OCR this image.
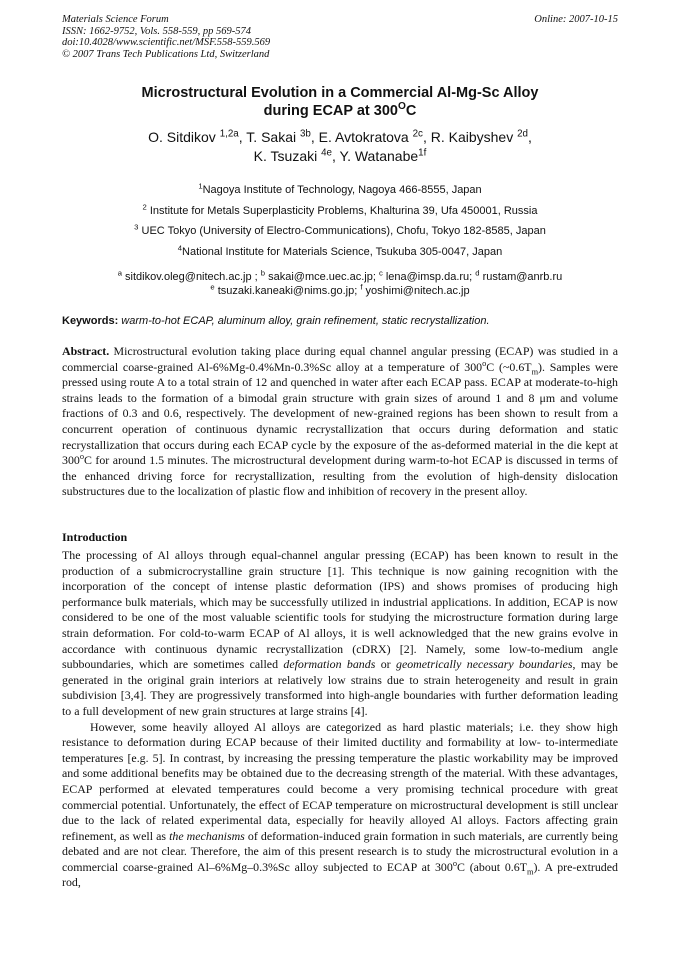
Materials Science Forum
ISSN: 1662-9752, Vols. 558-559, pp 569-574
doi:10.4028/www.scientific.net/MSF.558-559.569
© 2007 Trans Tech Publications Ltd, Switzerland
Online: 2007-10-15
Microstructural Evolution in a Commercial Al-Mg-Sc Alloy
during ECAP at $300^OC$
O. Sitdikov $^{1,2a}$, T. Sakai $^{3b}$, E. Avtokratova $^{2c}$, R. Kaibyshev $^{2d}$,
K. Tsuzaki $^{4e}$, Y. Watanabe$^{1f}$
$^1$Nagoya Institute of Technology, Nagoya 466-8555, Japan
$^2$ Institute for Metals Superplasticity Problems, Khalturina 39, Ufa 450001, Russia
$^3$ UEC Tokyo (University of Electro-Communications), Chofu, Tokyo 182-8585, Japan
$^4$National Institute for Materials Science, Tsukuba 305-0047, Japan
$^a$ sitdikov.oleg@nitech.ac.jp ; $^b$ sakai@mce.uec.ac.jp; $^c$ lena@imsp.da.ru; $^d$ rustam@anrb.ru
$^e$ tsuzaki.kaneaki@nims.go.jp; $^f$ yoshimi@nitech.ac.jp
Keywords: warm-to-hot ECAP, aluminum alloy, grain refinement, static recrystallization.

Abstract. Microstructural evolution taking place during equal channel angular pressing (ECAP) was studied in a commercial coarse-grained Al-6%Mg-0.4%Mn-0.3%Sc alloy at a temperature of 300$^o$C $(\sim 0.6T_m)$. Samples were pressed using route A to a total strain of 12 and quenched in water after each ECAP pass. ECAP at moderate-to-high strains leads to the formation of a bimodal grain structure with grain sizes of around 1 and 8 μm and volume fractions of 0.3 and 0.6, respectively. The development of new-grained regions has been shown to result from a concurrent operation of continuous dynamic recrystallization that occurs during deformation and static recrystallization that occurs during each ECAP cycle by the exposure of the as-deformed material in the die kept at 300$^o$C for around 1.5 minutes. The microstructural development during warm-to-hot ECAP is discussed in terms of the enhanced driving force for recrystallization, resulting from the evolution of high-density dislocation substructures due to the localization of plastic flow and inhibition of recovery in the present alloy.

Introduction

The processing of Al alloys through equal-channel angular pressing (ECAP) has been known to result in the production of a submicrocrystalline grain structure [1]. This technique is now gaining recognition with the incorporation of the concept of intense plastic deformation (IPS) and shows promises of producing high performance bulk materials, which may be successfully utilized in industrial applications. In addition, ECAP is now considered to be one of the most valuable scientific tools for studying the microstructure formation during large strain deformation. For cold-to-warm ECAP of Al alloys, it is well acknowledged that the new grains evolve in accordance with continuous dynamic recrystallization (cDRX) [2]. Namely, some low-to-medium angle subboundaries, which are sometimes called deformation bands or geometrically necessary boundaries, may be generated in the original grain interiors at relatively low strains due to strain heterogeneity and result in grain subdivision [3,4]. They are progressively transformed into high-angle boundaries with further deformation leading to a full development of new grain structures at large strains [4].

However, some heavily alloyed Al alloys are categorized as hard plastic materials; i.e. they show high resistance to deformation during ECAP because of their limited ductility and formability at low- to-intermediate temperatures [e.g. 5]. In contrast, by increasing the pressing temperature the plastic workability may be improved and some additional benefits may be obtained due to the decreasing strength of the material. With these advantages, ECAP performed at elevated temperatures could become a very promising technical procedure with great commercial potential. Unfortunately, the effect of ECAP temperature on microstructural development is still unclear due to the lack of related experimental data, especially for heavily alloyed Al alloys. Factors affecting grain refinement, as well as the mechanisms of deformation-induced grain formation in such materials, are currently being debated and are not clear. Therefore, the aim of this present research is to study the microstructural evolution in a commercial coarse-grained Al–6%Mg–0.3%Sc alloy subjected to ECAP at 300$^o$C (about $0.6T_m$). A pre-extruded rod,
